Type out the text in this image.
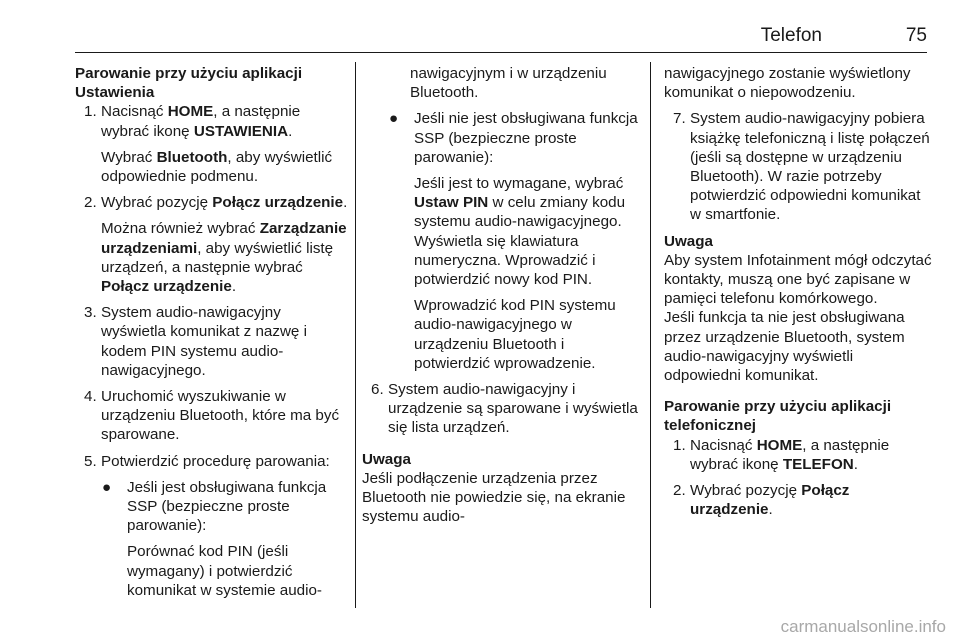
Telefon	75

Parowanie przy użyciu aplikacji
Ustawienia

1. Nacisnąć HOME, a następnie wybrać ikonę USTAWIENIA.

Wybrać Bluetooth, aby wyświetlić odpowiednie podmenu.

2. Wybrać pozycję Połącz urządzenie.

Można również wybrać Zarządzanie urządzeniami, aby wyświetlić listę urządzeń, a następnie wybrać Połącz urządzenie.

3. System audio-nawigacyjny wyświetla komunikat z nazwę i kodem PIN systemu audio-nawigacyjnego.

4. Uruchomić wyszukiwanie w urządzeniu Bluetooth, które ma być sparowane.

5. Potwierdzić procedurę parowania:

● Jeśli jest obsługiwana funkcja SSP (bezpieczne proste parowanie):

Porównać kod PIN (jeśli wymagany) i potwierdzić komunikat w systemie audio-

nawigacyjnym i w urządzeniu Bluetooth.

● Jeśli nie jest obsługiwana funkcja SSP (bezpieczne proste parowanie):

Jeśli jest to wymagane, wybrać Ustaw PIN w celu zmiany kodu systemu audio-nawigacyjnego. Wyświetla się klawiatura numeryczna. Wprowadzić i potwierdzić nowy kod PIN.

Wprowadzić kod PIN systemu audio-nawigacyjnego w urządzeniu Bluetooth i potwierdzić wprowadzenie.

6. System audio-nawigacyjny i urządzenie są sparowane i wyświetla się lista urządzeń.

Uwaga

Jeśli podłączenie urządzenia przez Bluetooth nie powiedzie się, na ekranie systemu audio-

nawigacyjnego zostanie wyświetlony komunikat o niepowodzeniu.

7. System audio-nawigacyjny pobiera książkę telefoniczną i listę połączeń (jeśli są dostępne w urządzeniu Bluetooth). W razie potrzeby potwierdzić odpowiedni komunikat w smartfonie.

Uwaga

Aby system Infotainment mógł odczytać kontakty, muszą one być zapisane w pamięci telefonu komórkowego.

Jeśli funkcja ta nie jest obsługiwana przez urządzenie Bluetooth, system audio-nawigacyjny wyświetli odpowiedni komunikat.

Parowanie przy użyciu aplikacji
telefonicznej

1. Nacisnąć HOME, a następnie wybrać ikonę TELEFON.

2. Wybrać pozycję Połącz urządzenie.

carmanualsonline.info
